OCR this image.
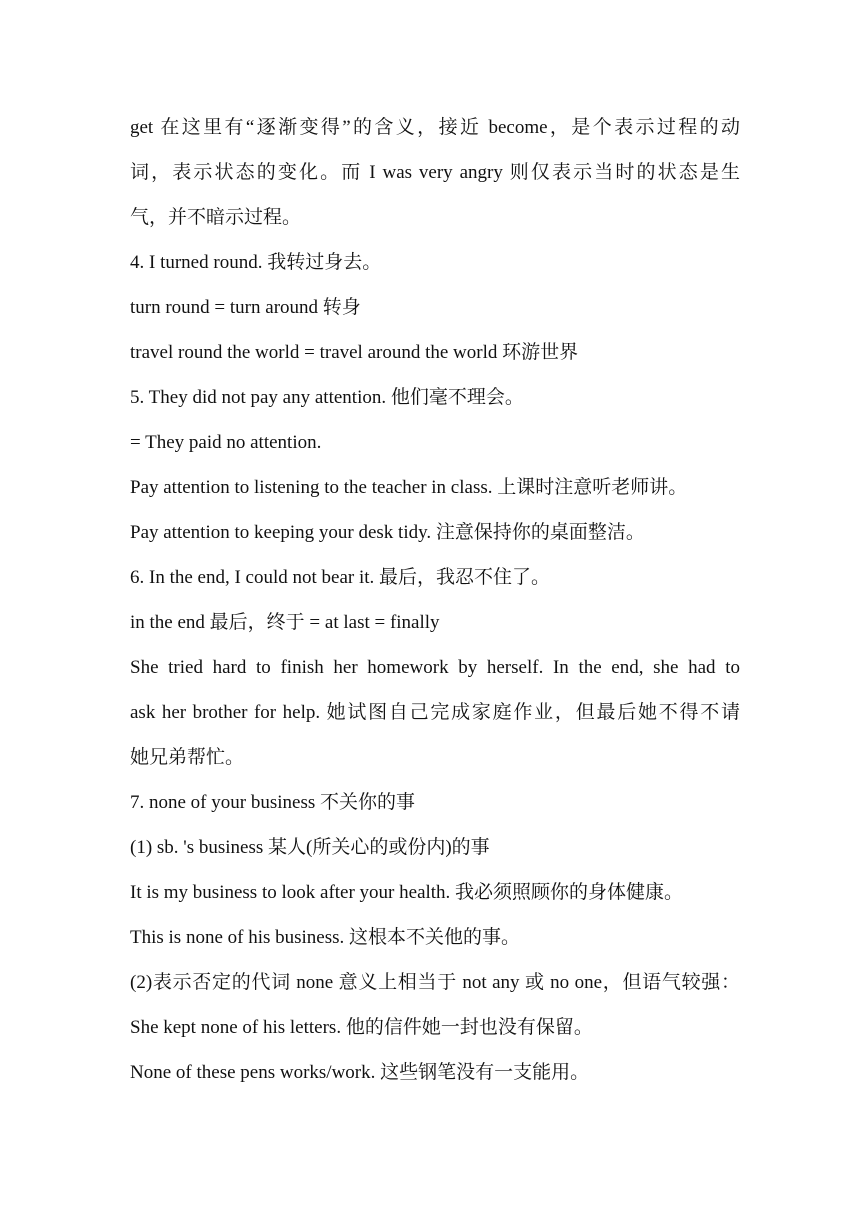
get 在这里有“逐渐变得”的含义，接近 become，是个表示过程的动
词，表示状态的变化。而 I was very angry 则仅表示当时的状态是生
气，并不暗示过程。
4. I turned round. 我转过身去。
turn round = turn around 转身
travel round the world = travel around the world 环游世界
5. They did not pay any attention. 他们毫不理会。
= They paid no attention.
Pay attention to listening to the teacher in class. 上课时注意听老师讲。
Pay attention to keeping your desk tidy. 注意保持你的桌面整洁。
6. In the end, I could not bear it. 最后，我忍不住了。
in the end 最后，终于 = at last = finally
She tried hard to finish her homework by herself. In the end, she had to
ask her brother for help. 她试图自己完成家庭作业，但最后她不得不请
她兄弟帮忙。
7. none of your business 不关你的事
(1) sb. 's business 某人(所关心的或份内)的事
It is my business to look after your health. 我必须照顾你的身体健康。
This is none of his business. 这根本不关他的事。
(2)表示否定的代词 none 意义上相当于 not any 或 no one，但语气较强：
She kept none of his letters. 他的信件她一封也没有保留。
None of these pens works/work. 这些钢笔没有一支能用。
